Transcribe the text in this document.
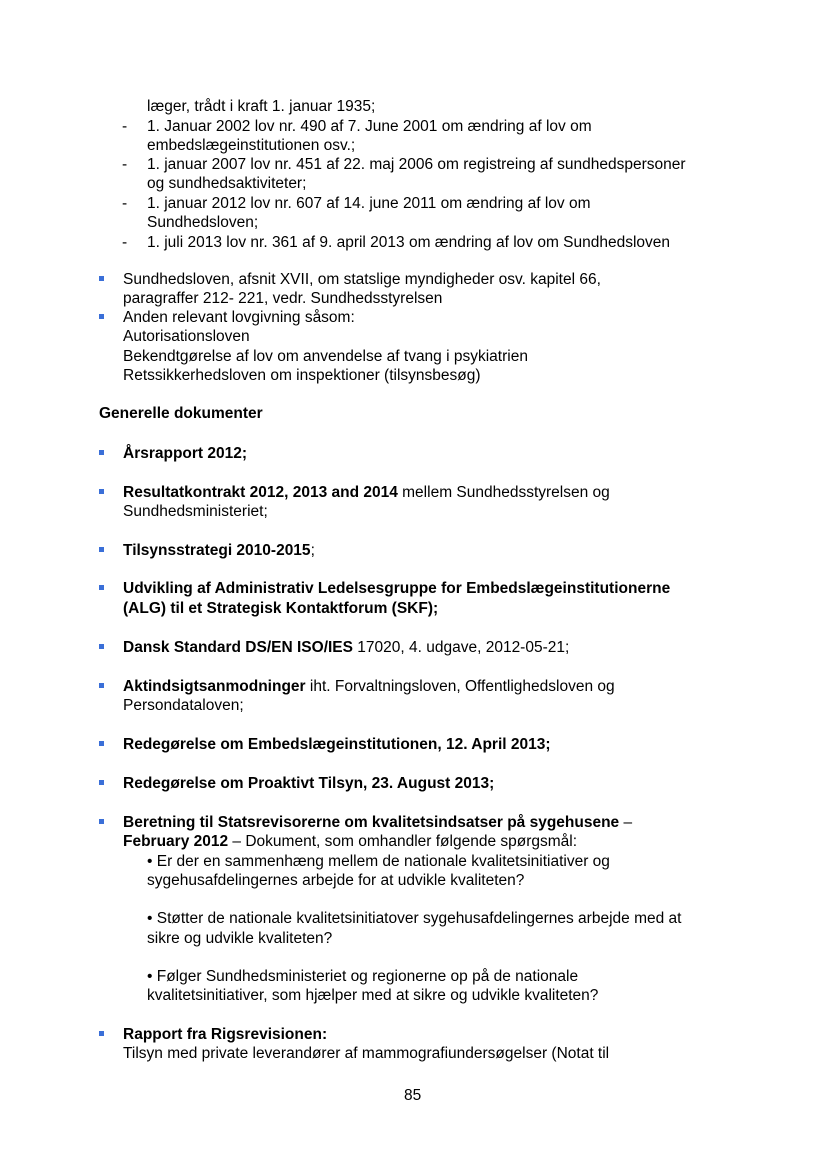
læger, trådt i kraft 1. januar 1935;
- 1. Januar 2002 lov nr. 490 af 7. June 2001 om ændring af lov om
embedslægeinstitutionen osv.;
- 1. januar 2007 lov nr. 451 af 22. maj 2006 om registreing af sundhedspersoner
og sundhedsaktiviteter;
- 1. januar 2012 lov nr. 607 af 14. june 2011 om ændring af lov om
Sundhedsloven;
- 1. juli 2013 lov nr. 361 af 9. april 2013 om ændring af lov om Sundhedsloven
Sundhedsloven, afsnit XVII, om statslige myndigheder osv. kapitel 66,
paragraffer 212- 221, vedr. Sundhedsstyrelsen
Anden relevant lovgivning såsom:
Autorisationsloven
Bekendtgørelse af lov om anvendelse af tvang i psykiatrien
Retssikkerhedsloven om inspektioner (tilsynsbesøg)
Generelle dokumenter
Årsrapport 2012;
Resultatkontrakt 2012, 2013 and 2014 mellem Sundhedsstyrelsen og
Sundhedsministeriet;
Tilsynsstrategi 2010-2015;
Udvikling af Administrativ Ledelsesgruppe for Embedslægeinstitutionerne
(ALG) til et Strategisk Kontaktforum (SKF);
Dansk Standard DS/EN ISO/IES 17020, 4. udgave, 2012-05-21;
Aktindsigtsanmodninger iht. Forvaltningsloven, Offentlighedsloven og
Persondataloven;
Redegørelse om Embedslægeinstitutionen, 12. April 2013;
Redegørelse om Proaktivt Tilsyn, 23. August 2013;
Beretning til Statsrevisorerne om kvalitetsindsatser på sygehusene –
February 2012 – Dokument, som omhandler følgende spørgsmål:
• Er der en sammenhæng mellem de nationale kvalitetsinitiativer og
sygehusafdelingernes arbejde for at udvikle kvaliteten?
• Støtter de nationale kvalitetsinitiatover sygehusafdelingernes arbejde med at
sikre og udvikle kvaliteten?
• Følger Sundhedsministeriet og regionerne op på de nationale
kvalitetsinitiativer, som hjælper med at sikre og udvikle kvaliteten?
Rapport fra Rigsrevisionen:
Tilsyn med private leverandører af mammografiundersøgelser (Notat til
85
